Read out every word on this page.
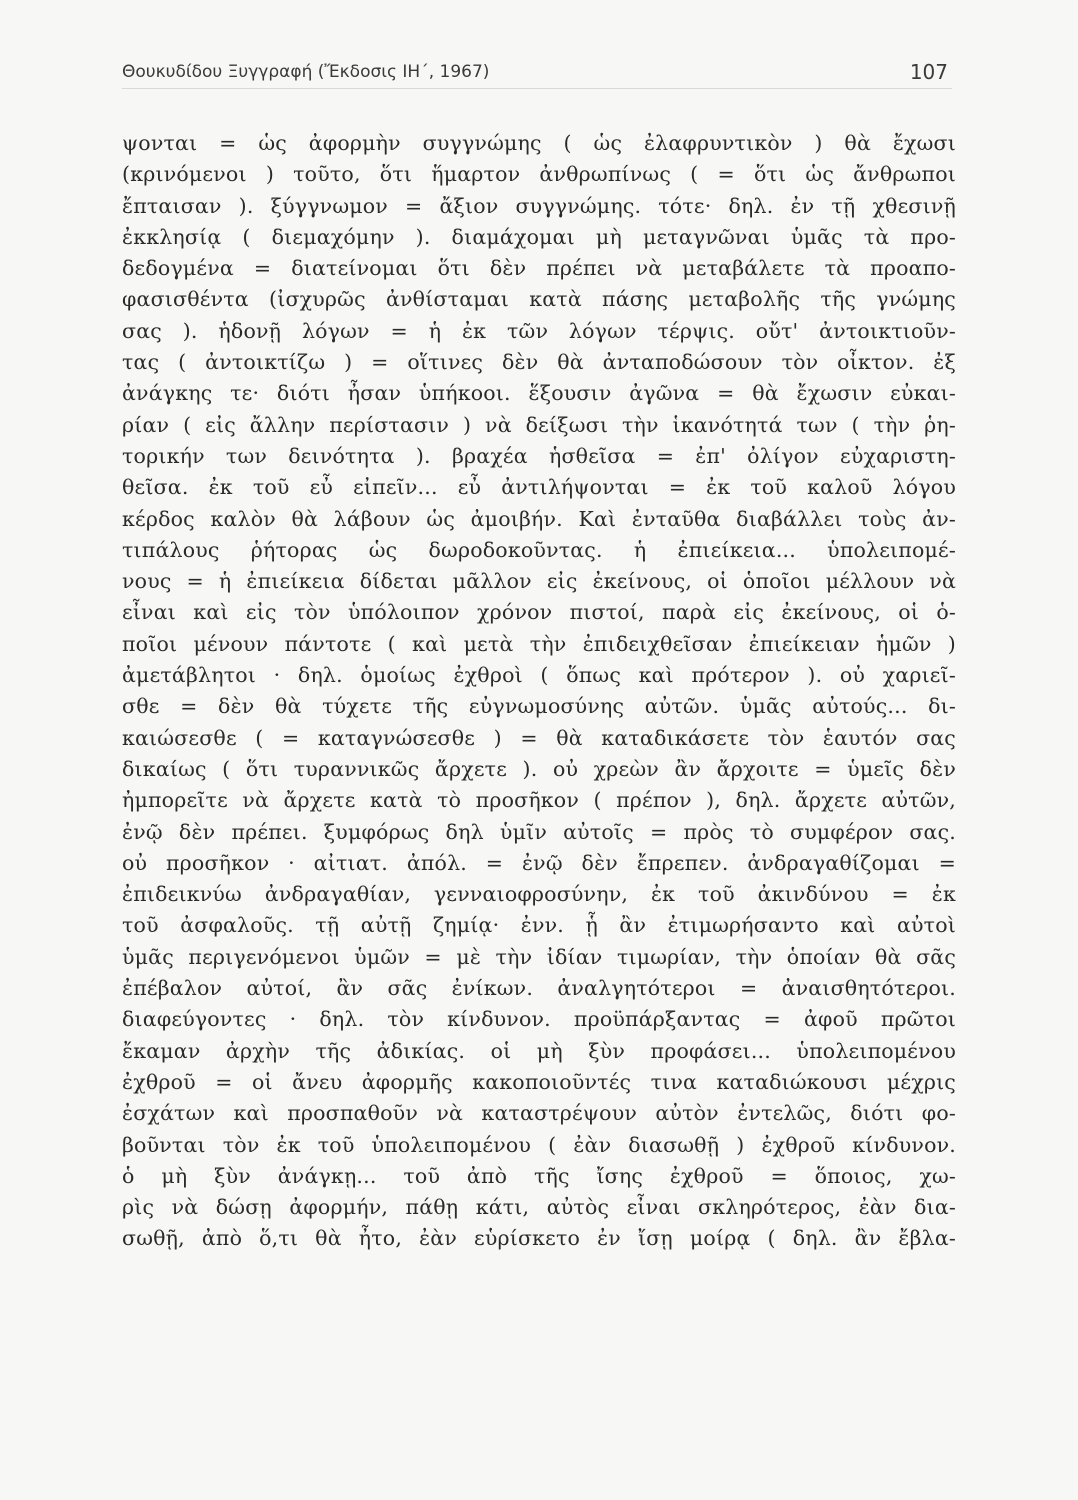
Θουκυδίδου Ξυγγραφή (Ἔκδοσις ΙΗ΄, 1967)	107
ψονται = ὡς ἀφορμὴν συγγνώμης ( ὡς ἐλαφρυντικὸν ) θὰ ἔχωσι
(κρινόμενοι ) τοῦτο, ὅτι ἥμαρτον ἀνθρωπίνως ( = ὅτι ὡς ἄνθρωποι
ἔπταισαν ). ξύγγνωμον = ἄξιον συγγνώμης. τότε· δηλ. ἐν τῇ χθεσινῇ
ἐκκλησίᾳ ( διεμαχόμην ). διαμάχομαι μὴ μεταγνῶναι ὑμᾶς τὰ προ-
δεδογμένα = διατείνομαι ὅτι δὲν πρέπει νὰ μεταβάλετε τὰ προαπο-
φασισθέντα (ἰσχυρῶς ἀνθίσταμαι κατὰ πάσης μεταβολῆς τῆς γνώμης
σας ). ἡδονῇ λόγων = ἡ ἐκ τῶν λόγων τέρψις. οὔτ' ἀντοικτιοῦν-
τας ( ἀντοικτίζω ) = οἵτινες δὲν θὰ ἀνταποδώσουν τὸν οἶκτον. ἐξ
ἀνάγκης τε· διότι ἦσαν ὑπήκοοι. ἕξουσιν ἀγῶνα = θὰ ἔχωσιν εὐκαι-
ρίαν ( εἰς ἄλλην περίστασιν ) νὰ δείξωσι τὴν ἱκανότητά των ( τὴν ῥη-
τορικήν των δεινότητα ). βραχέα ἡσθεῖσα = ἐπ' ὀλίγον εὐχαριστη-
θεῖσα. ἐκ τοῦ εὖ εἰπεῖν... εὖ ἀντιλήψονται = ἐκ τοῦ καλοῦ λόγου
κέρδος καλὸν θὰ λάβουν ὡς ἀμοιβήν. Καὶ ἐνταῦθα διαβάλλει τοὺς ἀν-
τιπάλους ῥήτορας ὡς δωροδοκοῦντας. ἡ ἐπιείκεια... ὑπολειπομέ-
νους = ἡ ἐπιείκεια δίδεται μᾶλλον εἰς ἐκείνους, οἱ ὁποῖοι μέλλουν νὰ
εἶναι καὶ εἰς τὸν ὑπόλοιπον χρόνον πιστοί, παρὰ εἰς ἐκείνους, οἱ ὁ-
ποῖοι μένουν πάντοτε ( καὶ μετὰ τὴν ἐπιδειχθεῖσαν ἐπιείκειαν ἡμῶν )
ἀμετάβλητοι · δηλ. ὁμοίως ἐχθροὶ ( ὅπως καὶ πρότερον ). οὐ χαριεῖ-
σθε = δὲν θὰ τύχετε τῆς εὐγνωμοσύνης αὐτῶν. ὑμᾶς αὐτούς... δι-
καιώσεσθε ( = καταγνώσεσθε ) = θὰ καταδικάσετε τὸν ἑαυτόν σας
δικαίως ( ὅτι τυραννικῶς ἄρχετε ). οὐ χρεὼν ἂν ἄρχοιτε = ὑμεῖς δὲν
ἠμπορεῖτε νὰ ἄρχετε κατὰ τὸ προσῆκον ( πρέπον ), δηλ. ἄρχετε αὐτῶν,
ἐνῷ δὲν πρέπει. ξυμφόρως δηλ ὑμῖν αὐτοῖς = πρὸς τὸ συμφέρον σας.
οὐ προσῆκον · αἰτιατ. ἀπόλ. = ἐνῷ δὲν ἔπρεπεν. ἀνδραγαθίζομαι =
ἐπιδεικνύω ἀνδραγαθίαν, γενναιοφροσύνην, ἐκ τοῦ ἀκινδύνου = ἐκ
τοῦ ἀσφαλοῦς. τῇ αὐτῇ ζημίᾳ· ἐνν. ᾗ ἂν ἐτιμωρήσαντο καὶ αὐτοὶ
ὑμᾶς περιγενόμενοι ὑμῶν = μὲ τὴν ἰδίαν τιμωρίαν, τὴν ὁποίαν θὰ σᾶς
ἐπέβαλον αὐτοί, ἂν σᾶς ἐνίκων. ἀναλγητότεροι = ἀναισθητότεροι.
διαφεύγοντες · δηλ. τὸν κίνδυνον. προϋπάρξαντας = ἀφοῦ πρῶτοι
ἔκαμαν ἀρχὴν τῆς ἀδικίας. οἱ μὴ ξὺν προφάσει... ὑπολειπομένου
ἐχθροῦ = οἱ ἄνευ ἀφορμῆς κακοποιοῦντές τινα καταδιώκουσι μέχρις
ἐσχάτων καὶ προσπαθοῦν νὰ καταστρέψουν αὐτὸν ἐντελῶς, διότι φο-
βοῦνται τὸν ἐκ τοῦ ὑπολειπομένου ( ἐὰν διασωθῇ ) ἐχθροῦ κίνδυνον.
ὁ μὴ ξὺν ἀνάγκῃ... τοῦ ἀπὸ τῆς ἴσης ἐχθροῦ = ὅποιος, χω-
ρὶς νὰ δώσῃ ἀφορμήν, πάθῃ κάτι, αὐτὸς εἶναι σκληρότερος, ἐὰν δια-
σωθῇ, ἀπὸ ὅ,τι θὰ ἦτο, ἐὰν εὑρίσκετο ἐν ἴσῃ μοίρᾳ ( δηλ. ἂν ἔβλα-
